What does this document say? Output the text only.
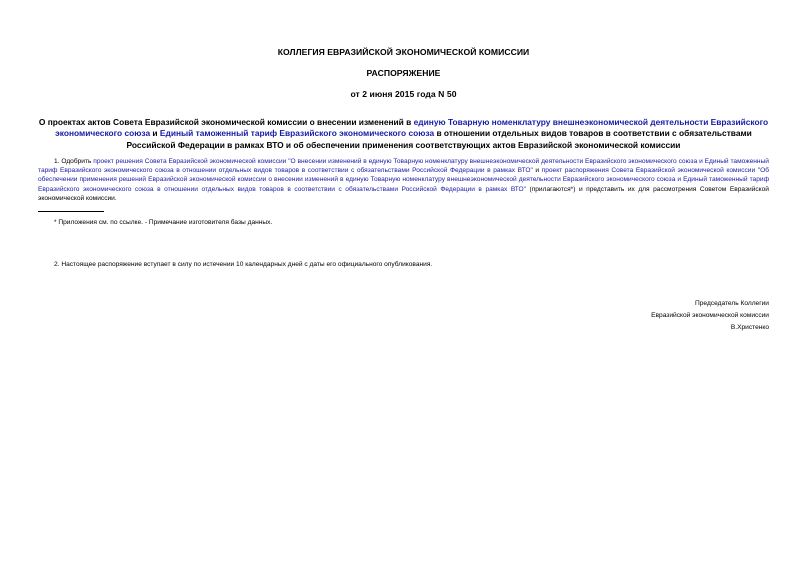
КОЛЛЕГИЯ ЕВРАЗИЙСКОЙ ЭКОНОМИЧЕСКОЙ КОМИССИИ
РАСПОРЯЖЕНИЕ
от 2 июня 2015 года N 50
О проектах актов Совета Евразийской экономической комиссии о внесении изменений в единую Товарную номенклатуру внешнеэкономической деятельности Евразийского экономического союза и Единый таможенный тариф Евразийского экономического союза в отношении отдельных видов товаров в соответствии с обязательствами Российской Федерации в рамках ВТО и об обеспечении применения соответствующих актов Евразийской экономической комиссии
1. Одобрить проект решения Совета Евразийской экономической комиссии "О внесении изменений в единую Товарную номенклатуру внешнеэкономической деятельности Евразийского экономического союза и Единый таможенный тариф Евразийского экономического союза в отношении отдельных видов товаров в соответствии с обязательствами Российской Федерации в рамках ВТО" и проект распоряжения Совета Евразийской экономической комиссии "Об обеспечении применения решений Евразийской экономической комиссии о внесении изменений в единую Товарную номенклатуру внешнеэкономической деятельности Евразийского экономического союза и Единый таможенный тариф Евразийского экономического союза в отношении отдельных видов товаров в соответствии с обязательствами Российской Федерации в рамках ВТО" (прилагаются*) и представить их для рассмотрения Советом Евразийской экономической комиссии.
* Приложения см. по ссылке. - Примечание изготовителя базы данных.
2. Настоящее распоряжение вступает в силу по истечении 10 календарных дней с даты его официального опубликования.
Председатель Коллегии
Евразийской экономической комиссии
В.Христенко
